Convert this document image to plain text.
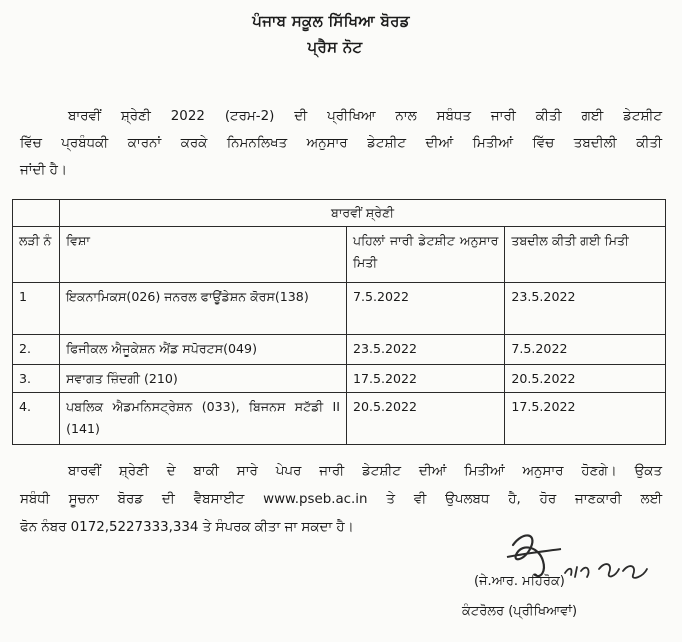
ਪੰਜਾਬ ਸਕੂਲ ਸਿੱਖਿਆ ਬੋਰਡ
ਪ੍ਰੈਸ ਨੋਟ
ਬਾਰਵੀਂ ਸ਼੍ਰੇਣੀ 2022 (ਟਰਮ-2) ਦੀ ਪ੍ਰੀਖਿਆ ਨਾਲ ਸਬੰਧਤ ਜਾਰੀ ਕੀਤੀ ਗਈ ਡੇਟਸ਼ੀਟ
ਵਿੱਚ ਪ੍ਰਬੰਧਕੀ ਕਾਰਨਾਂ ਕਰਕੇ ਨਿਮਨਲਿਖਤ ਅਨੁਸਾਰ ਡੇਟਸ਼ੀਟ ਦੀਆਂ ਮਿਤੀਆਂ ਵਿੱਚ ਤਬਦੀਲੀ ਕੀਤੀ
ਜਾਂਦੀ ਹੈ।
	ਬਾਰਵੀਂ ਸ਼੍ਰੇਣੀ		
ਲੜੀ ਨੰ	ਵਿਸ਼ਾ	ਪਹਿਲਾਂ ਜਾਰੀ ਡੇਟਸ਼ੀਟ ਅਨੁਸਾਰ ਮਿਤੀ	ਤਬਦੀਲ ਕੀਤੀ ਗਈ ਮਿਤੀ
1	ਇਕਨਾਮਿਕਸ(026) ਜਨਰਲ ਫਾਊਂਡੇਸ਼ਨ ਕੋਰਸ(138)	7.5.2022	23.5.2022
2.	ਫਿਜੀਕਲ ਐਜੂਕੇਸ਼ਨ ਐਂਡ ਸਪੋਰਟਸ(049)	23.5.2022	7.5.2022
3.	ਸਵਾਗਤ ਜ਼ਿੰਦਗੀ (210)	17.5.2022	20.5.2022
4.	ਪਬਲਿਕ ਐਡਮਨਿਸਟ੍ਰੇਸ਼ਨ (033), ਬਿਜਨਸ ਸਟੱਡੀ II (141)	20.5.2022	17.5.2022
ਬਾਰਵੀਂ ਸ਼੍ਰੇਣੀ ਦੇ ਬਾਕੀ ਸਾਰੇ ਪੇਪਰ ਜਾਰੀ ਡੇਟਸ਼ੀਟ ਦੀਆਂ ਮਿਤੀਆਂ ਅਨੁਸਾਰ ਹੋਣਗੇ। ਉਕਤ
ਸਬੰਧੀ ਸੂਚਨਾ ਬੋਰਡ ਦੀ ਵੈਬਸਾਈਟ www.pseb.ac.in ਤੇ ਵੀ ਉਪਲਬਧ ਹੈ, ਹੋਰ ਜਾਣਕਾਰੀ ਲਈ
ਫੋਨ ਨੰਬਰ 0172,5227333,334 ਤੇ ਸੰਪਰਕ ਕੀਤਾ ਜਾ ਸਕਦਾ ਹੈ।
(ਜੇ.ਆਰ. ਮਹਿਰੋਕ)
ਕੰਟਰੋਲਰ (ਪ੍ਰੀਖਿਆਵਾਂ)
